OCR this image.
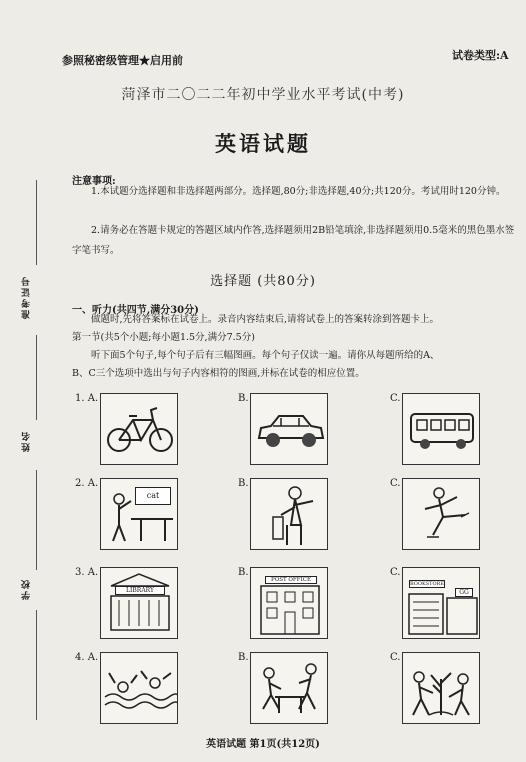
参照秘密级管理★启用前	试卷类型:A
菏泽市二〇二二年初中学业水平考试(中考)
英语试题
注意事项:
1.本试题分选择题和非选择题两部分。选择题,80分;非选择题,40分;共120分。考试用时120分钟。
2.请务必在答题卡规定的答题区域内作答,选择题须用2B铅笔填涂,非选择题须用0.5毫米的黑色墨水签字笔书写。
选择题 (共80分)
一、听力(共四节,满分30分)
做题时,先将答案标在试卷上。录音内容结束后,请将试卷上的答案转涂到答题卡上。
第一节(共5个小题;每小题1.5分,满分7.5分)
听下面5个句子,每个句子后有三幅图画。每个句子仅读一遍。请你从每题所给的A、
B、C三个选项中选出与句子内容相符的图画,并标在试卷的相应位置。
准考证号
姓名
学校
1. A.	B.	C.
2. A.
cat
B.	C.
3. A.
LIBRARY
B.
POST OFFICE
C.
BOOKSTORE
GG
4. A.	B.	C.
英语试题 第1页(共12页)
